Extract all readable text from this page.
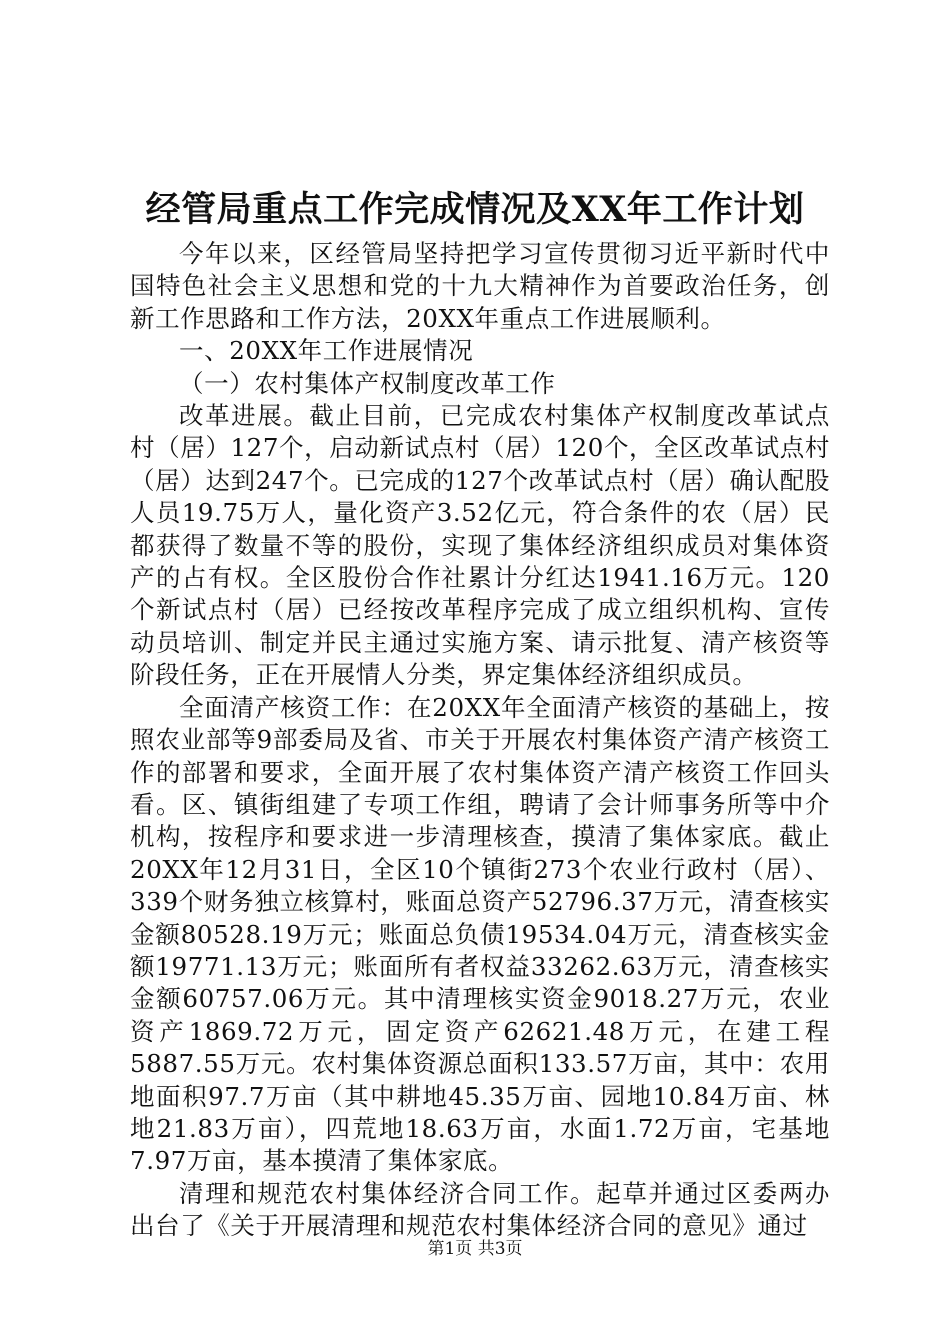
经管局重点工作完成情况及XX年工作计划

今年以来，区经管局坚持把学习宣传贯彻习近平新时代中国特色社会主义思想和党的十九大精神作为首要政治任务，创新工作思路和工作方法，20XX年重点工作进展顺利。

一、20XX年工作进展情况

（一）农村集体产权制度改革工作

改革进展。截止目前，已完成农村集体产权制度改革试点村（居）127个，启动新试点村（居）120个，全区改革试点村（居）达到247个。已完成的127个改革试点村（居）确认配股人员19.75万人，量化资产3.52亿元，符合条件的农（居）民都获得了数量不等的股份，实现了集体经济组织成员对集体资产的占有权。全区股份合作社累计分红达1941.16万元。120个新试点村（居）已经按改革程序完成了成立组织机构、宣传动员培训、制定并民主通过实施方案、请示批复、清产核资等阶段任务，正在开展情人分类，界定集体经济组织成员。

全面清产核资工作：在20XX年全面清产核资的基础上，按照农业部等9部委局及省、市关于开展农村集体资产清产核资工作的部署和要求，全面开展了农村集体资产清产核资工作回头看。区、镇街组建了专项工作组，聘请了会计师事务所等中介机构，按程序和要求进一步清理核查，摸清了集体家底。截止20XX年12月31日，全区10个镇街273个农业行政村（居）、339个财务独立核算村，账面总资产52796.37万元，清查核实金额80528.19万元；账面总负债19534.04万元，清查核实金额19771.13万元；账面所有者权益33262.63万元，清查核实金额60757.06万元。其中清理核实资金9018.27万元，农业资产1869.72万元，固定资产62621.48万元，在建工程5887.55万元。农村集体资源总面积133.57万亩，其中：农用地面积97.7万亩（其中耕地45.35万亩、园地10.84万亩、林地21.83万亩），四荒地18.63万亩，水面1.72万亩，宅基地7.97万亩，基本摸清了集体家底。

清理和规范农村集体经济合同工作。起草并通过区委两办出台了《关于开展清理和规范农村集体经济合同的意见》通过

第1页 共3页
